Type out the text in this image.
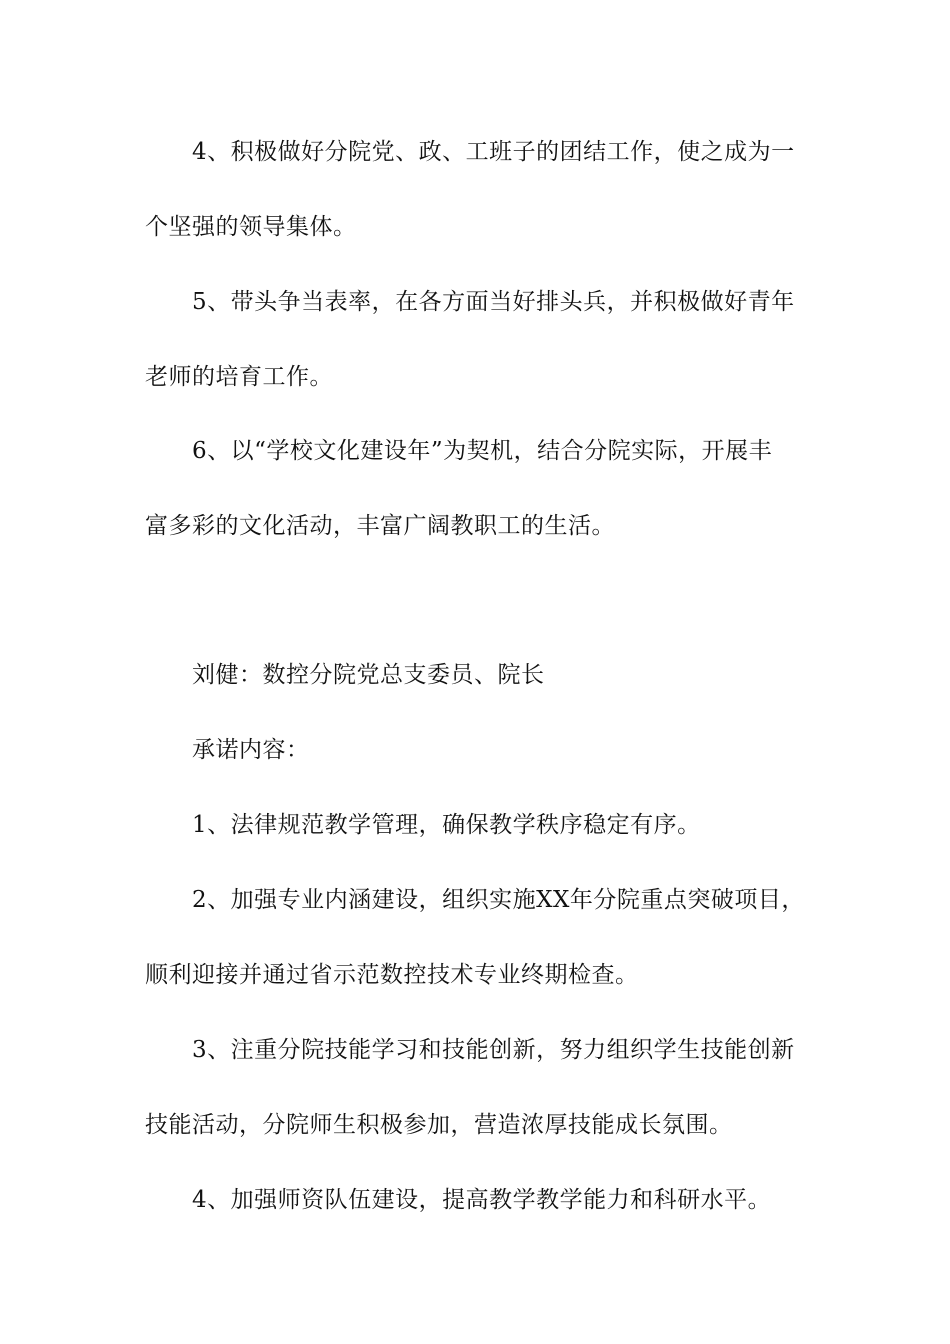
4、积极做好分院党、政、工班子的团结工作，使之成为一
个坚强的领导集体。
5、带头争当表率，在各方面当好排头兵，并积极做好青年
老师的培育工作。
6、以“学校文化建设年”为契机，结合分院实际，开展丰
富多彩的文化活动，丰富广阔教职工的生活。
刘健：数控分院党总支委员、院长
承诺内容：
1、法律规范教学管理，确保教学秩序稳定有序。
2、加强专业内涵建设，组织实施XX年分院重点突破项目，
顺利迎接并通过省示范数控技术专业终期检查。
3、注重分院技能学习和技能创新，努力组织学生技能创新
技能活动，分院师生积极参加，营造浓厚技能成长氛围。
4、加强师资队伍建设，提高教学教学能力和科研水平。
